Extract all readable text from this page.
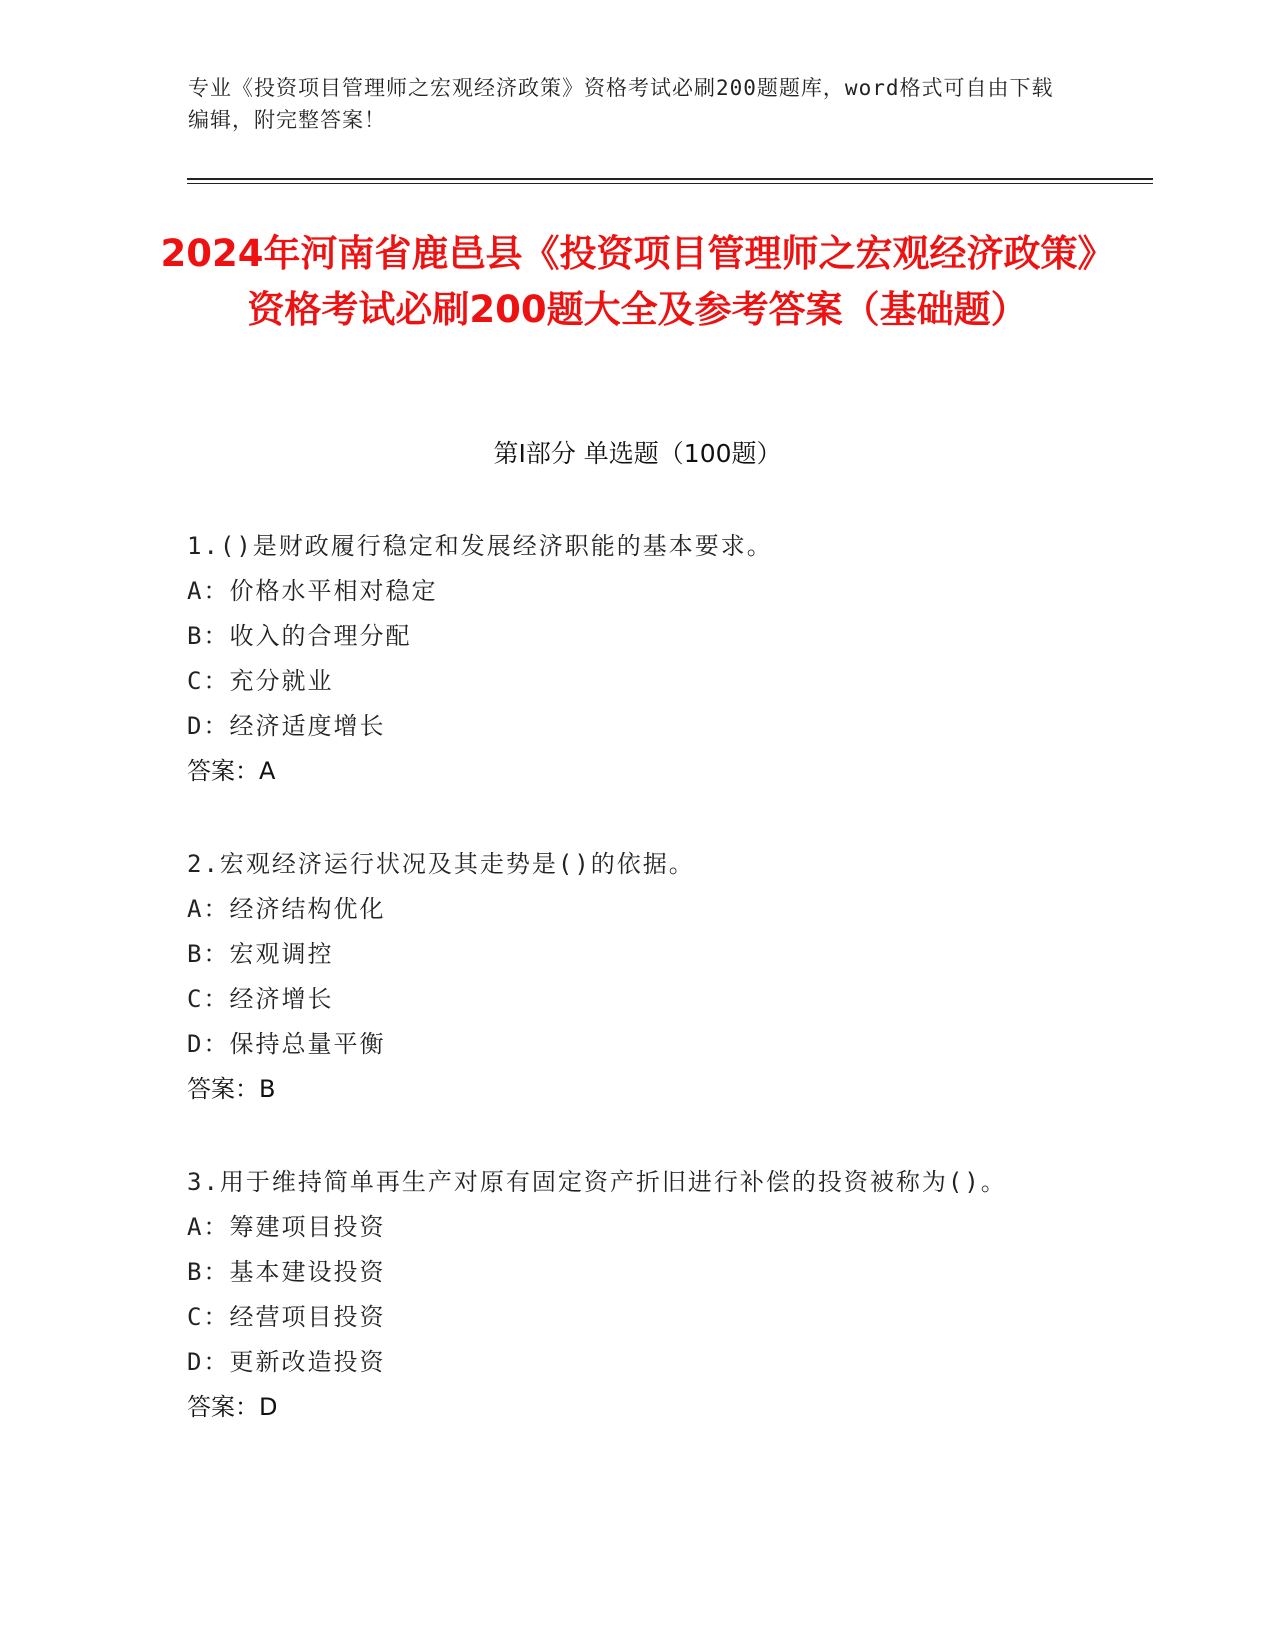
专业《投资项目管理师之宏观经济政策》资格考试必刷200题题库，word格式可自由下载编辑，附完整答案！
2024年河南省鹿邑县《投资项目管理师之宏观经济政策》资格考试必刷200题大全及参考答案（基础题）
第I部分 单选题（100题）
1.()是财政履行稳定和发展经济职能的基本要求。
A：价格水平相对稳定
B：收入的合理分配
C：充分就业
D：经济适度增长
答案：A
2.宏观经济运行状况及其走势是()的依据。
A：经济结构优化
B：宏观调控
C：经济增长
D：保持总量平衡
答案：B
3.用于维持简单再生产对原有固定资产折旧进行补偿的投资被称为()。
A：筹建项目投资
B：基本建设投资
C：经营项目投资
D：更新改造投资
答案：D
